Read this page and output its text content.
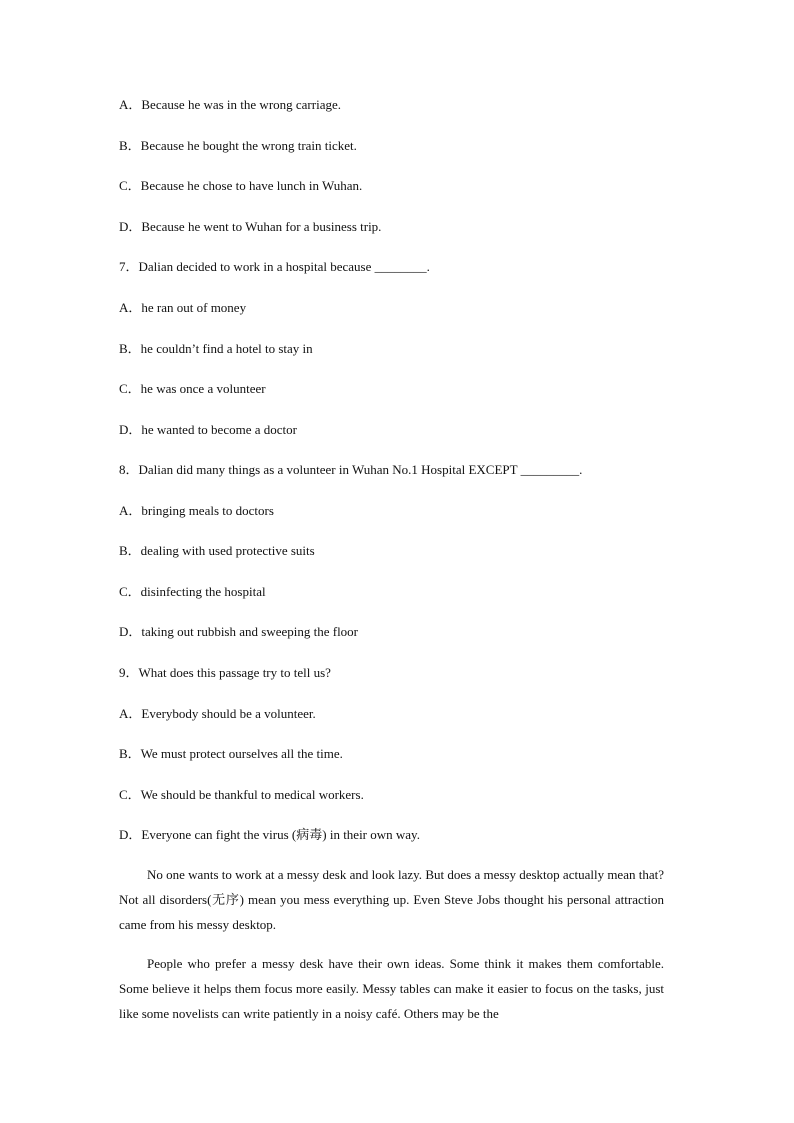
A．Because he was in the wrong carriage.
B．Because he bought the wrong train ticket.
C．Because he chose to have lunch in Wuhan.
D．Because he went to Wuhan for a business trip.
7．Dalian decided to work in a hospital because ________.
A．he ran out of money
B．he couldn’t find a hotel to stay in
C．he was once a volunteer
D．he wanted to become a doctor
8．Dalian did many things as a volunteer in Wuhan No.1 Hospital EXCEPT _________.
A．bringing meals to doctors
B．dealing with used protective suits
C．disinfecting the hospital
D．taking out rubbish and sweeping the floor
9．What does this passage try to tell us?
A．Everybody should be a volunteer.
B．We must protect ourselves all the time.
C．We should be thankful to medical workers.
D．Everyone can fight the virus (病毒) in their own way.

No one wants to work at a messy desk and look lazy. But does a messy desktop actually mean that? Not all disorders(无序) mean you mess everything up. Even Steve Jobs thought his personal attraction came from his messy desktop.

People who prefer a messy desk have their own ideas. Some think it makes them comfortable. Some believe it helps them focus more easily. Messy tables can make it easier to focus on the tasks, just like some novelists can write patiently in a noisy café. Others may be the
